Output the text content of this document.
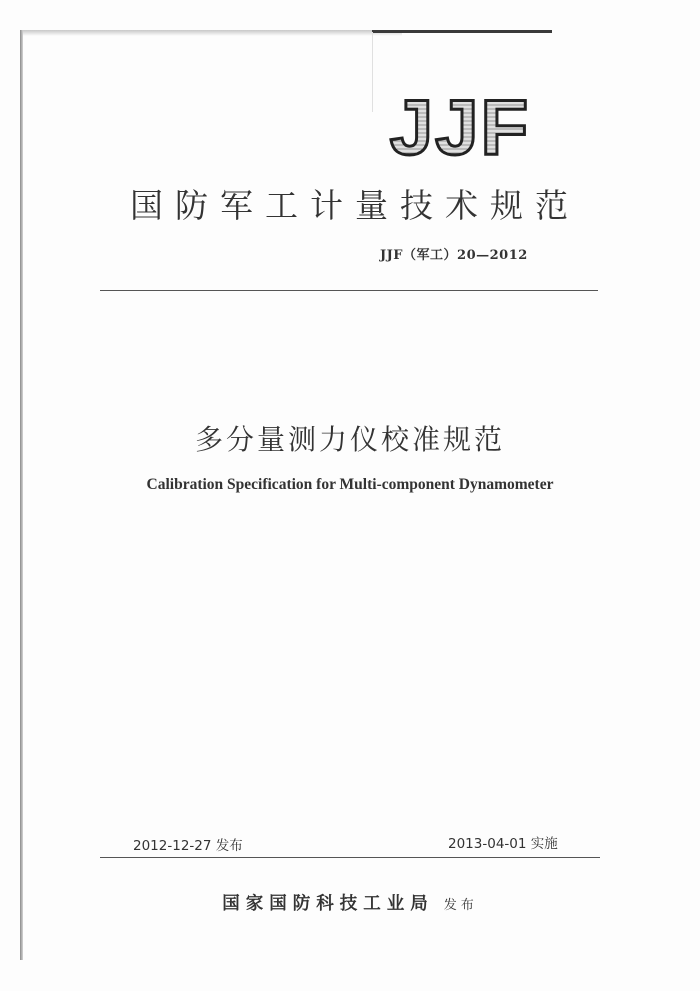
JJF
国防军工计量技术规范
JJF（军工）20—2012
多分量测力仪校准规范
Calibration Specification for Multi-component Dynamometer
2012-12-27 发布	2013-04-01 实施
国家国防科技工业局 发布
